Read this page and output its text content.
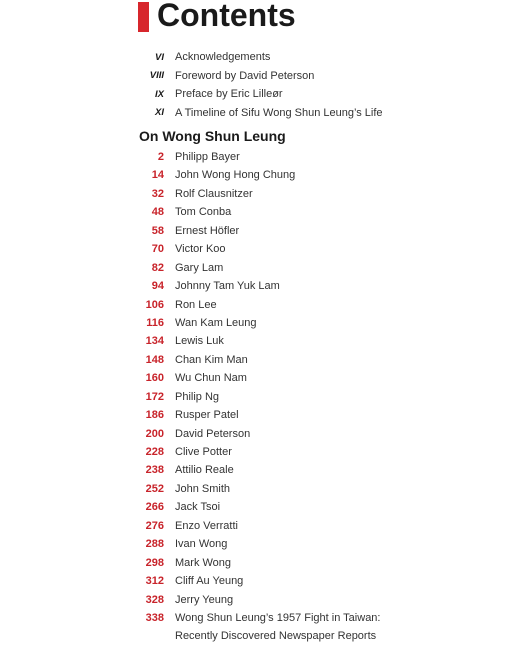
Contents
VI Acknowledgements
VIII Foreword by David Peterson
IX Preface by Eric Lilleør
XI A Timeline of Sifu Wong Shun Leung’s Life
On Wong Shun Leung
2 Philipp Bayer
14 John Wong Hong Chung
32 Rolf Clausnitzer
48 Tom Conba
58 Ernest Höfler
70 Victor Koo
82 Gary Lam
94 Johnny Tam Yuk Lam
106 Ron Lee
116 Wan Kam Leung
134 Lewis Luk
148 Chan Kim Man
160 Wu Chun Nam
172 Philip Ng
186 Rusper Patel
200 David Peterson
228 Clive Potter
238 Attilio Reale
252 John Smith
266 Jack Tsoi
276 Enzo Verratti
288 Ivan Wong
298 Mark Wong
312 Cliff Au Yeung
328 Jerry Yeung
338 Wong Shun Leung’s 1957 Fight in Taiwan:
Recently Discovered Newspaper Reports
